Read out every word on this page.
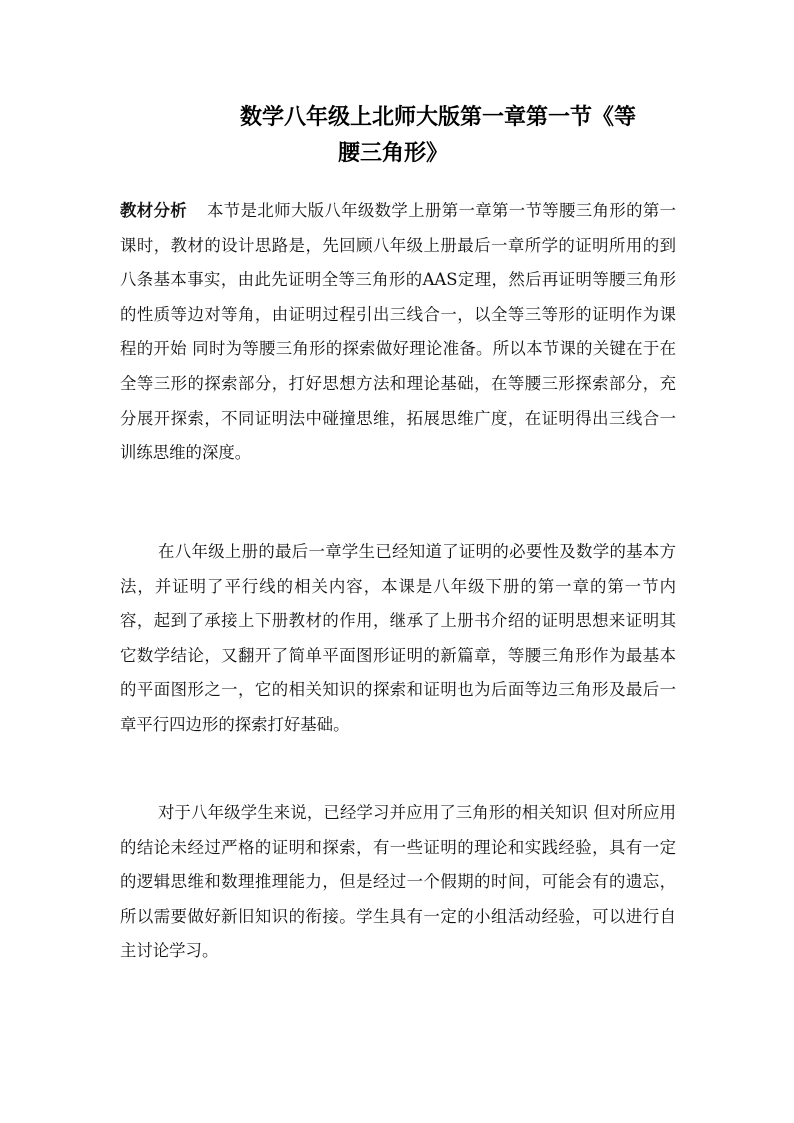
数学八年级上北师大版第一章第一节《等
腰三角形》

教材分析 本节是北师大版八年级数学上册第一章第一节等腰三角形的第一课时，教材的设计思路是，先回顾八年级上册最后一章所学的证明所用的到八条基本事实，由此先证明全等三角形的AAS定理，然后再证明等腰三角形的性质等边对等角，由证明过程引出三线合一，以全等三等形的证明作为课程的开始 同时为等腰三角形的探索做好理论准备。所以本节课的关键在于在全等三形的探索部分，打好思想方法和理论基础，在等腰三形探索部分，充分展开探索，不同证明法中碰撞思维，拓展思维广度，在证明得出三线合一训练思维的深度。

在八年级上册的最后一章学生已经知道了证明的必要性及数学的基本方法，并证明了平行线的相关内容，本课是八年级下册的第一章的第一节内容，起到了承接上下册教材的作用，继承了上册书介绍的证明思想来证明其它数学结论，又翻开了简单平面图形证明的新篇章，等腰三角形作为最基本的平面图形之一，它的相关知识的探索和证明也为后面等边三角形及最后一章平行四边形的探索打好基础。

对于八年级学生来说，已经学习并应用了三角形的相关知识 但对所应用的结论未经过严格的证明和探索，有一些证明的理论和实践经验，具有一定的逻辑思维和数理推理能力，但是经过一个假期的时间，可能会有的遗忘，所以需要做好新旧知识的衔接。学生具有一定的小组活动经验，可以进行自主讨论学习。
